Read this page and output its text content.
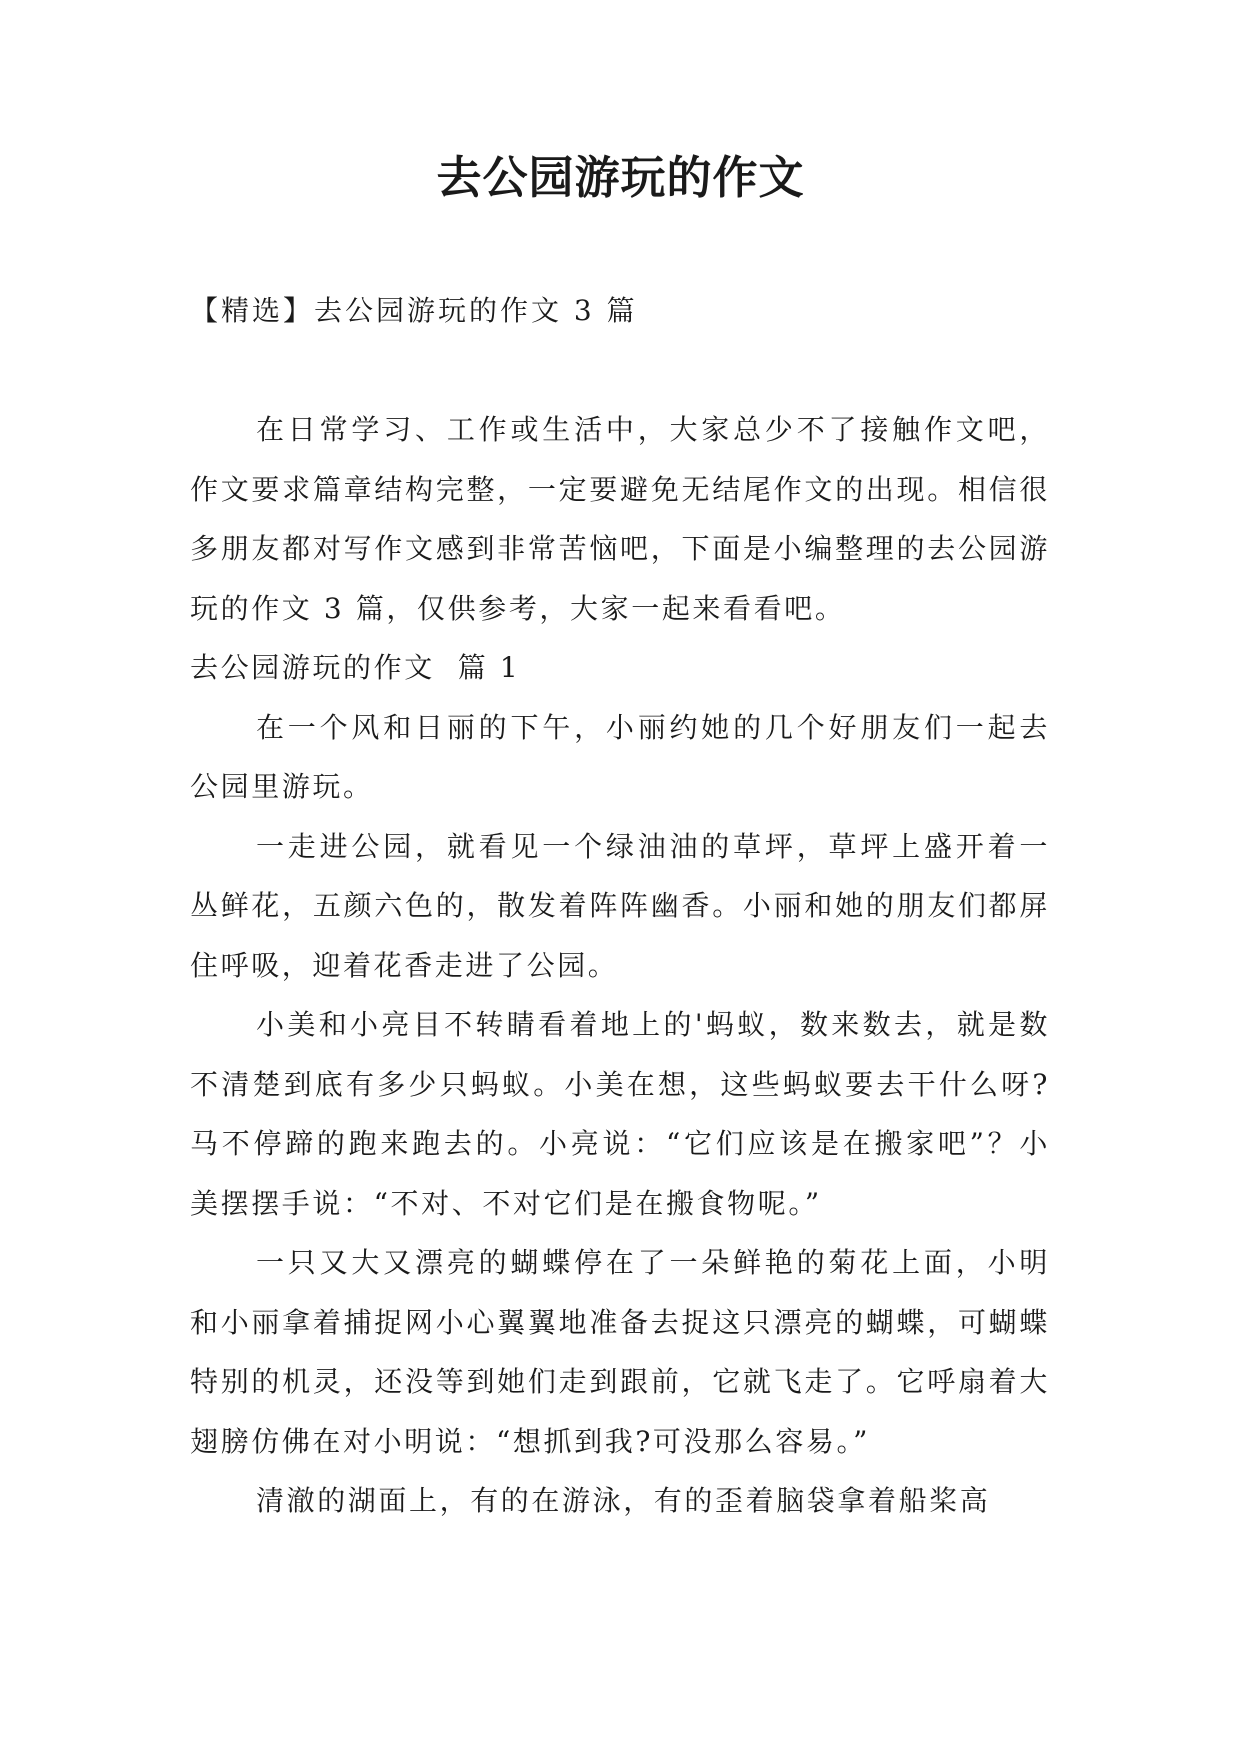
去公园游玩的作文
【精选】去公园游玩的作文 3 篇

在日常学习、工作或生活中，大家总少不了接触作文吧，作文要求篇章结构完整，一定要避免无结尾作文的出现。相信很多朋友都对写作文感到非常苦恼吧，下面是小编整理的去公园游玩的作文 3 篇，仅供参考，大家一起来看看吧。

去公园游玩的作文  篇 1

在一个风和日丽的下午，小丽约她的几个好朋友们一起去公园里游玩。

一走进公园，就看见一个绿油油的草坪，草坪上盛开着一丛鲜花，五颜六色的，散发着阵阵幽香。小丽和她的朋友们都屏住呼吸，迎着花香走进了公园。

小美和小亮目不转睛看着地上的'蚂蚁，数来数去，就是数不清楚到底有多少只蚂蚁。小美在想，这些蚂蚁要去干什么呀?马不停蹄的跑来跑去的。小亮说：“它们应该是在搬家吧”？小美摆摆手说：“不对、不对它们是在搬食物呢。”

一只又大又漂亮的蝴蝶停在了一朵鲜艳的菊花上面，小明和小丽拿着捕捉网小心翼翼地准备去捉这只漂亮的蝴蝶，可蝴蝶特别的机灵，还没等到她们走到跟前，它就飞走了。它呼扇着大翅膀仿佛在对小明说：“想抓到我?可没那么容易。”

清澈的湖面上，有的在游泳，有的歪着脑袋拿着船桨高
